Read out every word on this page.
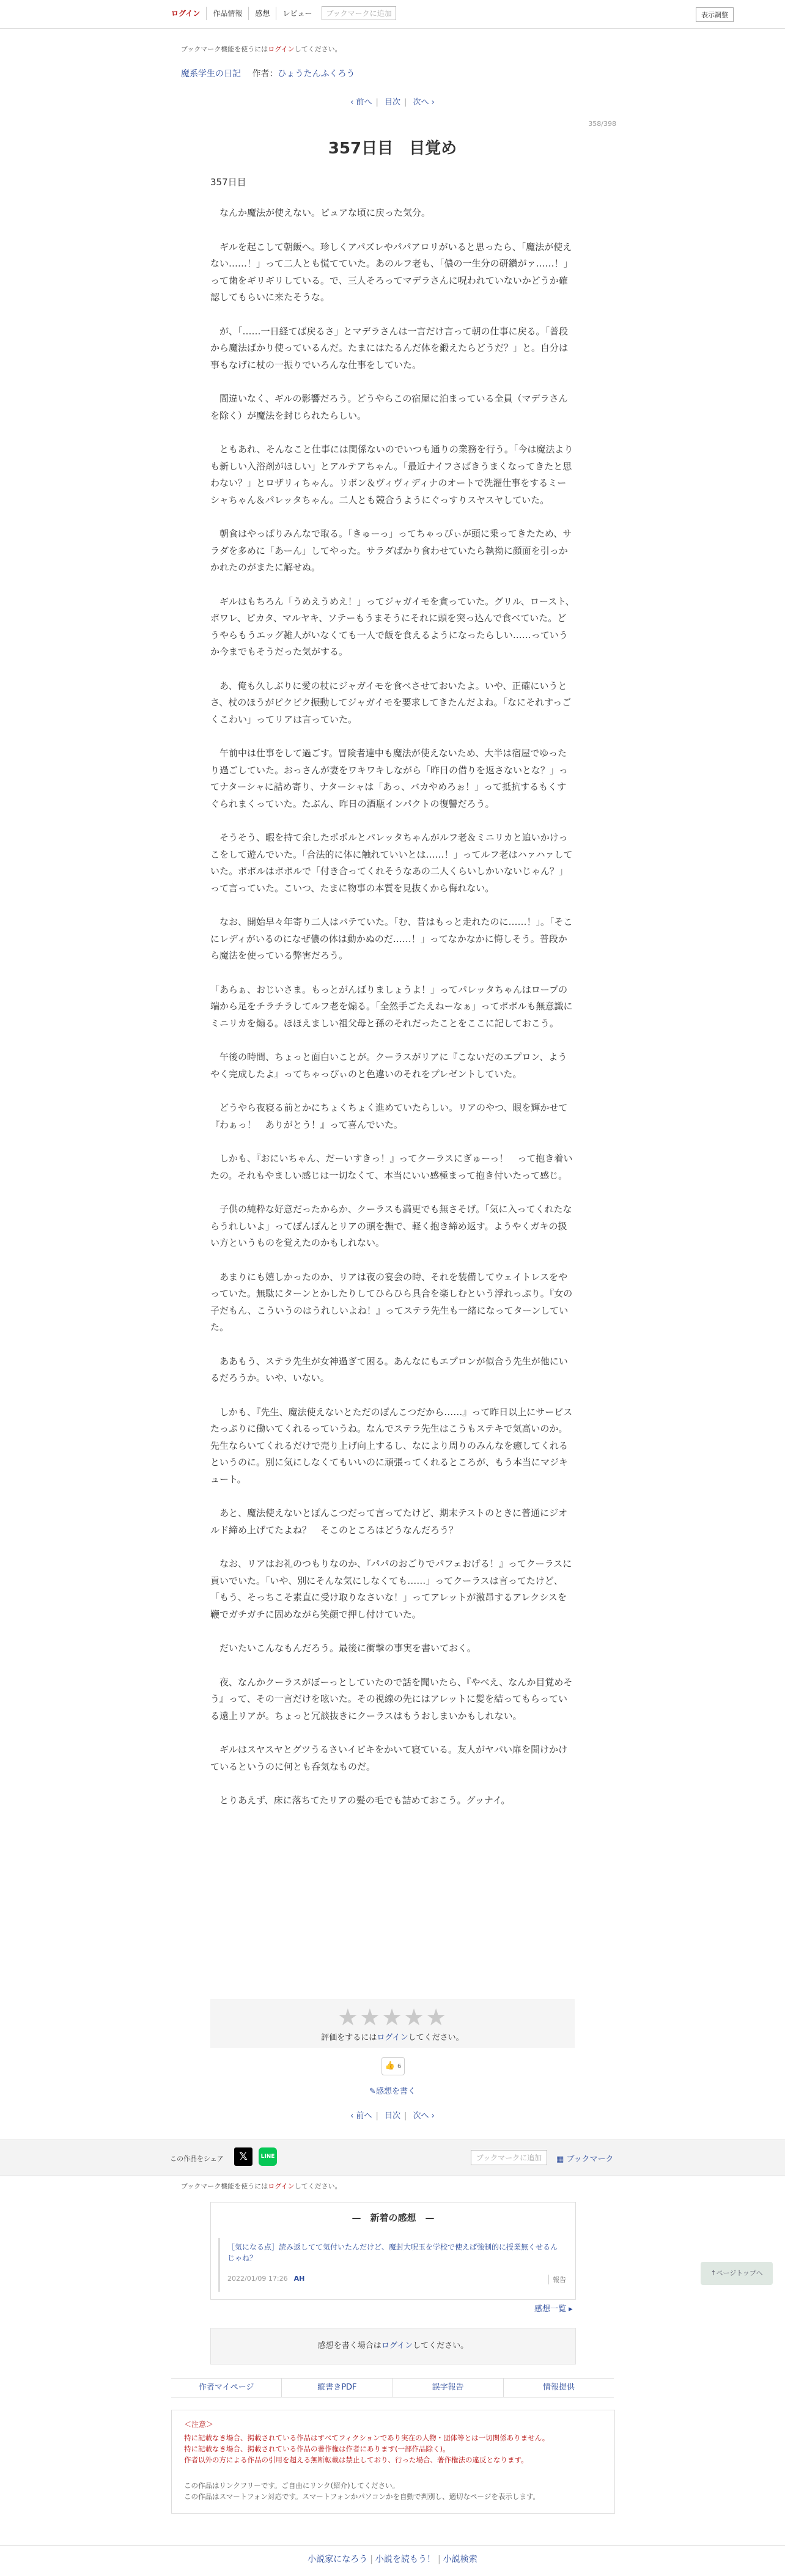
ログイン	作品情報	感想	レビュー	ブックマークに追加	表示調整
ブックマーク機能を使うにはログインしてください。
魔系学生の日記 作者：ひょうたんふくろう
‹ 前へ | 目次 | 次へ ›
358/398
357日目　目覚め
357日目

　なんか魔法が使えない。ピュアな頃に戻った気分。

　ギルを起こして朝飯へ。珍しくアパズレやパパアロリがいると思ったら、「魔法が使えない……！」って二人とも慌てていた。あのルフ老も、「儂の一生分の研鑽がァ……！」って歯をギリギリしている。で、三人そろってマデラさんに呪われていないかどうか確認してもらいに来たそうな。

　が、「……一日経てば戻るさ」とマデラさんは一言だけ言って朝の仕事に戻る。「普段から魔法ばかり使っているんだ。たまにはたるんだ体を鍛えたらどうだ？」と。自分は事もなげに杖の一振りでいろんな仕事をしていた。

　間違いなく、ギルの影響だろう。どうやらこの宿屋に泊まっている全員（マデラさんを除く）が魔法を封じられたらしい。

　ともあれ、そんなこと仕事には関係ないのでいつも通りの業務を行う。「今は魔法よりも新しい入浴剤がほしい」とアルテアちゃん。「最近ナイフさばきうまくなってきたと思わない？」とロザリィちゃん。リボン＆ヴィヴィディナのオートで洗濯仕事をするミーシャちゃん＆パレッタちゃん。二人とも競合うようにぐっすりスヤスヤしていた。

　朝食はやっぱりみんなで取る。「きゅーっ」ってちゃっぴぃが頭に乗ってきたため、サラダを多めに「あーん」してやった。サラダばかり食わせていたら執拗に顔面を引っかかれたのがまたに解せぬ。

　ギルはもちろん「うめえうめえ！」ってジャガイモを貪っていた。グリル、ロースト、ポワレ、ピカタ、マルヤキ、ソテーもうまそうにそれに頭を突っ込んで食べていた。どうやらもうエッグ雑人がいなくても一人で飯を食えるようになったらしい……っていうか今までもそうだった気がする。

　あ、俺も久しぶりに愛の杖にジャガイモを食べさせておいたよ。いや、正確にいうとさ、杖のほうがピクピク振動してジャガイモを要求してきたんだよね。「なにそれすっごくこわい」ってリアは言っていた。

　午前中は仕事をして過ごす。冒険者連中も魔法が使えないため、大半は宿屋でゆったり過ごしていた。おっさんが妻をワキワキしながら「昨日の借りを返さないとな？」ってナターシャに詰め寄り、ナターシャは「あっ、バカやめろぉ！」って抵抗するもくすぐられまくっていた。たぶん、昨日の酒瓶インパクトの復讐だろう。

　そうそう、暇を持て余したポポルとパレッタちゃんがルフ老＆ミニリカと追いかけっこをして遊んでいた。「合法的に体に触れていいとは……！」ってルフ老はハァハァしていた。ポポルはポポルで「付き合ってくれそうなあの二人くらいしかいないじゃん？」って言っていた。こいつ、たまに物事の本質を見抜くから侮れない。

　なお、開始早々年寄り二人はバテていた。「む、昔はもっと走れたのに……！」。「そこにレディがいるのになぜ儂の体は動かぬのだ……！」ってなかなかに悔しそう。普段から魔法を使っている弊害だろう。

「あらぁ、おじいさま。もっとがんばりましょうよ！」ってパレッタちゃんはロープの端から足をチラチラしてルフ老を煽る。「全然手ごたえねーなぁ」ってポポルも無意識にミニリカを煽る。ほほえましい祖父母と孫のそれだったことをここに記しておこう。

　午後の時間、ちょっと面白いことが。クーラスがリアに『こないだのエプロン、ようやく完成したよ』ってちゃっぴぃのと色違いのそれをプレゼントしていた。

　どうやら夜寝る前とかにちょくちょく進めていたらしい。リアのやつ、眼を輝かせて『わぁっ！　ありがとう！』って喜んでいた。

　しかも、『おにいちゃん、だーいすきっ！』ってクーラスにぎゅーっ！　って抱き着いたの。それもやましい感じは一切なくて、本当にいい感極まって抱き付いたって感じ。

　子供の純粋な好意だったからか、クーラスも満更でも無さそげ。「気に入ってくれたならうれしいよ」ってぽんぽんとリアの頭を撫で、軽く抱き締め返す。ようやくガキの扱い方というものを覚えたのかもしれない。

　あまりにも嬉しかったのか、リアは夜の宴会の時、それを装備してウェイトレスをやっていた。無駄にターンとかしたりしてひらひら具合を楽しむという浮れっぷり。『女の子だもん、こういうのはうれしいよね！』ってステラ先生も一緒になってターンしていた。

　ああもう、ステラ先生が女神過ぎて困る。あんなにもエプロンが似合う先生が他にいるだろうか。いや、いない。

　しかも、『先生、魔法使えないとただのぽんこつだから……』って昨日以上にサービスたっぷりに働いてくれるっていうね。なんでステラ先生はこうもステキで気高いのか。先生ならいてくれるだけで売り上げ向上するし、なにより周りのみんなを癒してくれるというのに。別に気にしなくてもいいのに頑張ってくれるところが、もう本当にマジキュート。

　あと、魔法使えないとぽんこつだって言ってたけど、期末テストのときに普通にジオルド締め上げてたよね？　そこのところはどうなんだろう？

　なお、リアはお礼のつもりなのか、『パパのおごりでパフェおげる！』ってクーラスに貢いでいた。「いや、別にそんな気にしなくても……」ってクーラスは言ってたけど、「もう、そっちこそ素直に受け取りなさいな！」ってアレットが激昂するアレクシスを鞭でガチガチに固めながら笑顔で押し付けていた。

　だいたいこんなもんだろう。最後に衝撃の事実を書いておく。

　夜、なんかクーラスがぼーっとしていたので話を聞いたら、『やべえ、なんか目覚めそう』って、その一言だけを呟いた。その視線の先にはアレットに髪を結ってもらっている遠上リアが。ちょっと冗談抜きにクーラスはもうおしまいかもしれない。

　ギルはスヤスヤとグツうるさいイビキをかいて寝ている。友人がヤバい扉を開けかけているというのに何とも呑気なものだ。

　とりあえず、床に落ちてたリアの髪の毛でも詰めておこう。グッナイ。

★★★★★
評価をするにはログインしてください。
👍 6
✎感想を書く
‹ 前へ | 目次 | 次へ ›
この作品をシェア	𝕏	LINE	ブックマークに追加	▦ ブックマーク
ブックマーク機能を使うにはログインしてください。
—　新着の感想　—
［気になる点］読み返してて気付いたんだけど、魔封大呪玉を学校で使えば強制的に授業無くせるんじゃね？
2022/01/09 17:26 AH	報告
感想一覧 ▸
↑ページトップへ
感想を書く場合はログインしてください。
作者マイページ	縦書きPDF	誤字報告	情報提供
＜注意＞
特に記載なき場合、掲載されている作品はすべてフィクションであり実在の人物・団体等とは一切関係ありません。
特に記載なき場合、掲載されている作品の著作権は作者にあります(一部作品除く)。
作者以外の方による作品の引用を超える無断転載は禁止しており、行った場合、著作権法の違反となります。
この作品はリンクフリーです。ご自由にリンク(紹介)してください。
この作品はスマートフォン対応です。スマートフォンかパソコンかを自動で判別し、適切なページを表示します。
小説家になろう | 小説を読もう！ | 小説検索
